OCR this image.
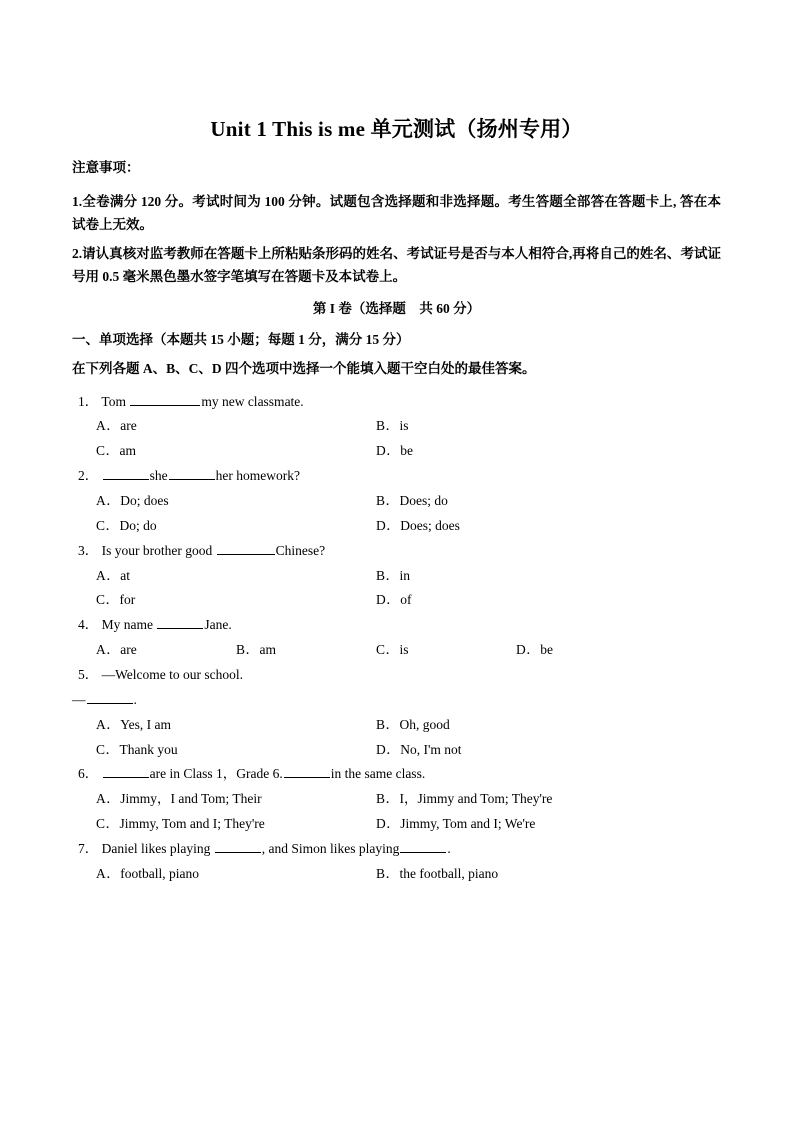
Unit 1 This is me 单元测试（扬州专用）

注意事项：

1.全卷满分 120 分。考试时间为 100 分钟。试题包含选择题和非选择题。考生答题全部答在答题卡上, 答在本试卷上无效。

2.请认真核对监考教师在答题卡上所粘贴条形码的姓名、考试证号是否与本人相符合,再将自己的姓名、考试证号用 0.5 毫米黑色墨水签字笔填写在答题卡及本试卷上。

第 I 卷（选择题　共 60 分）

一、单项选择（本题共 15 小题；每题 1 分，满分 15 分）

在下列各题 A、B、C、D 四个选项中选择一个能填入题干空白处的最佳答案。

1． Tom	my new classmate.

A．are	B．is
C．am	D．be

2．	she	her homework?

A．Do; does	B．Does; do
C．Do; do	D．Does; does

3． Is your brother good	Chinese?

A．at	B．in
C．for	D．of

4． My name	Jane.

A．are	B．am	C．is	D．be

5． —Welcome to our school.

—	.

A．Yes, I am	B．Oh, good
C．Thank you	D．No, I'm not

6．	are in Class 1，Grade 6.	in the same class.

A．Jimmy，I and Tom; Their	B．I，Jimmy and Tom; They're
C．Jimmy, Tom and I; They're	D．Jimmy, Tom and I; We're

7． Daniel likes playing	, and Simon likes playing	.

A．football, piano	B．the football, piano
